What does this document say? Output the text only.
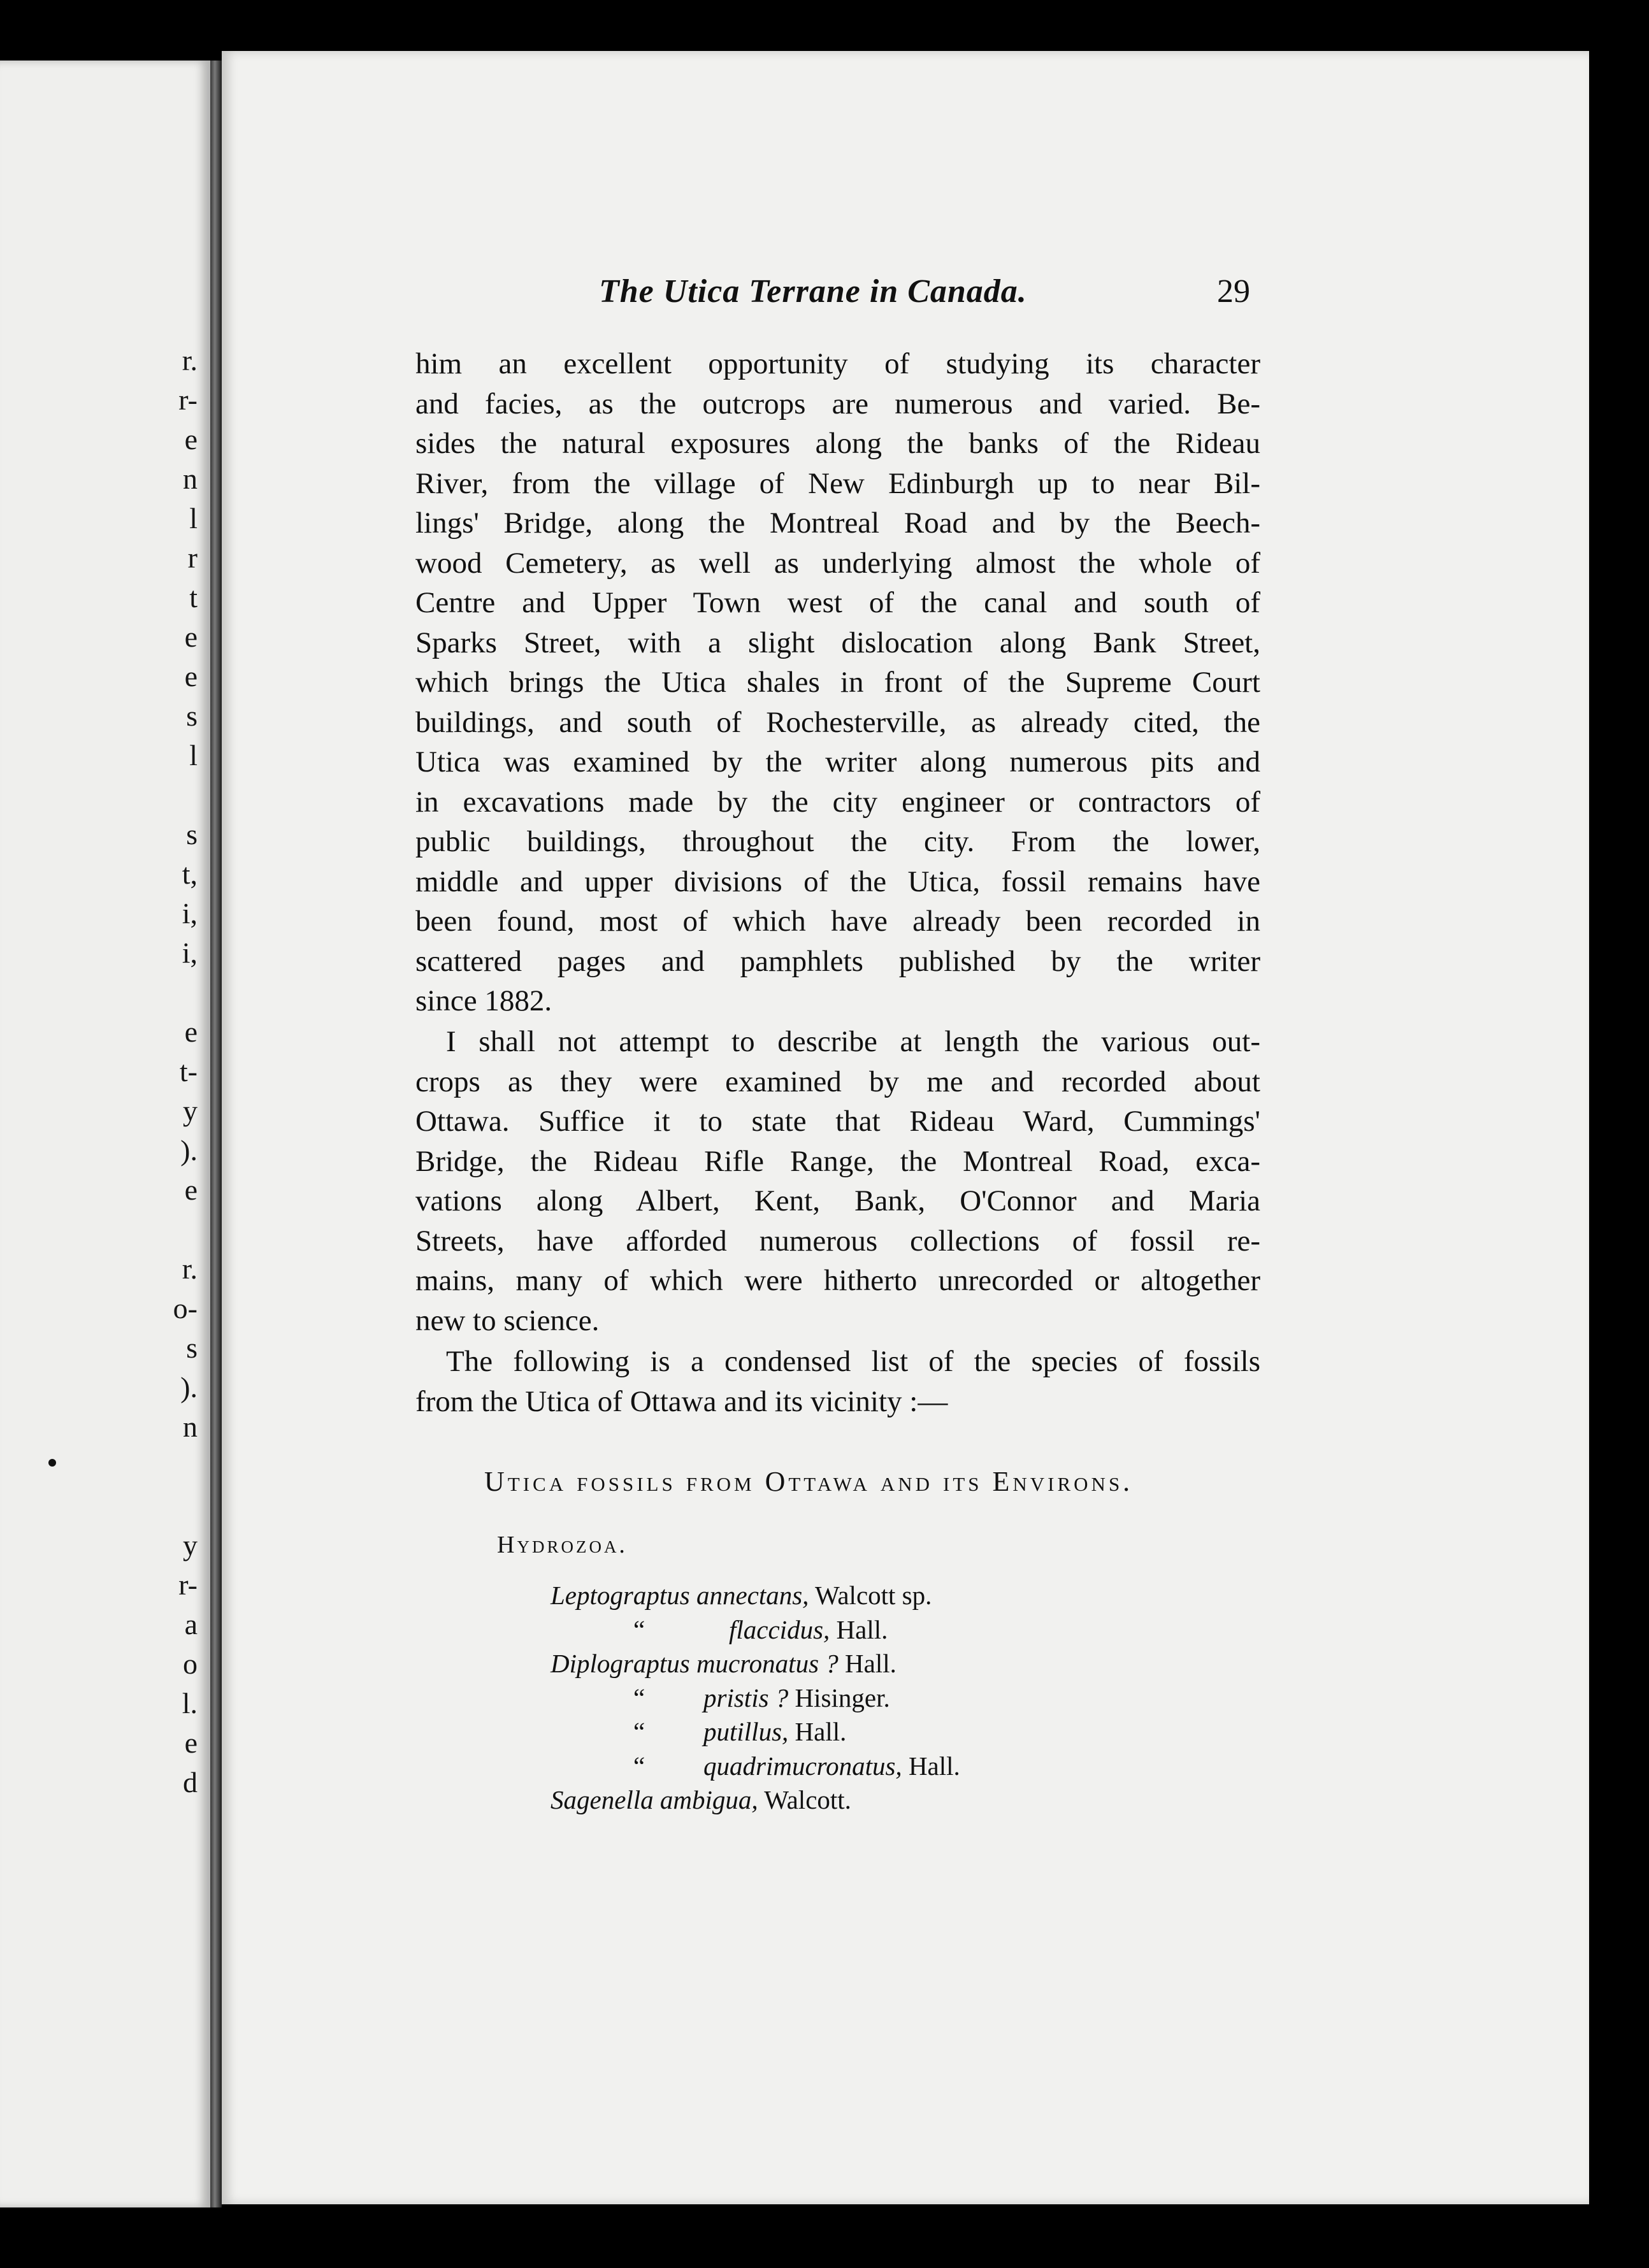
r.
r-
e
n
l
r
t
e
e
s
l
s
t,
i,
i,
e
t-
y
).
e
r.
o-
s
).
n
y
r-
a
o
l.
e
d
The Utica Terrane in Canada.	29
him an excellent opportunity of studying its character
and facies, as the outcrops are numerous and varied. Be-
sides the natural exposures along the banks of the Rideau
River, from the village of New Edinburgh up to near Bil-
lings' Bridge, along the Montreal Road and by the Beech-
wood Cemetery, as well as underlying almost the whole of
Centre and Upper Town west of the canal and south of
Sparks Street, with a slight dislocation along Bank Street,
which brings the Utica shales in front of the Supreme Court
buildings, and south of Rochesterville, as already cited, the
Utica was examined by the writer along numerous pits and
in excavations made by the city engineer or contractors of
public buildings, throughout the city. From the lower,
middle and upper divisions of the Utica, fossil remains have
been found, most of which have already been recorded in
scattered pages and pamphlets published by the writer
since 1882.
I shall not attempt to describe at length the various out-
crops as they were examined by me and recorded about
Ottawa. Suffice it to state that Rideau Ward, Cummings'
Bridge, the Rideau Rifle Range, the Montreal Road, exca-
vations along Albert, Kent, Bank, O'Connor and Maria
Streets, have afforded numerous collections of fossil re-
mains, many of which were hitherto unrecorded or altogether
new to science.
The following is a condensed list of the species of fossils
from the Utica of Ottawa and its vicinity :—
Utica fossils from Ottawa and its Environs.
Hydrozoa.
Leptograptus annectans, Walcott sp.
“	flaccidus, Hall.
Diplograptus mucronatus ? Hall.
“ pristis ? Hisinger.
“ putillus, Hall.
“ quadrimucronatus, Hall.
Sagenella ambigua, Walcott.
